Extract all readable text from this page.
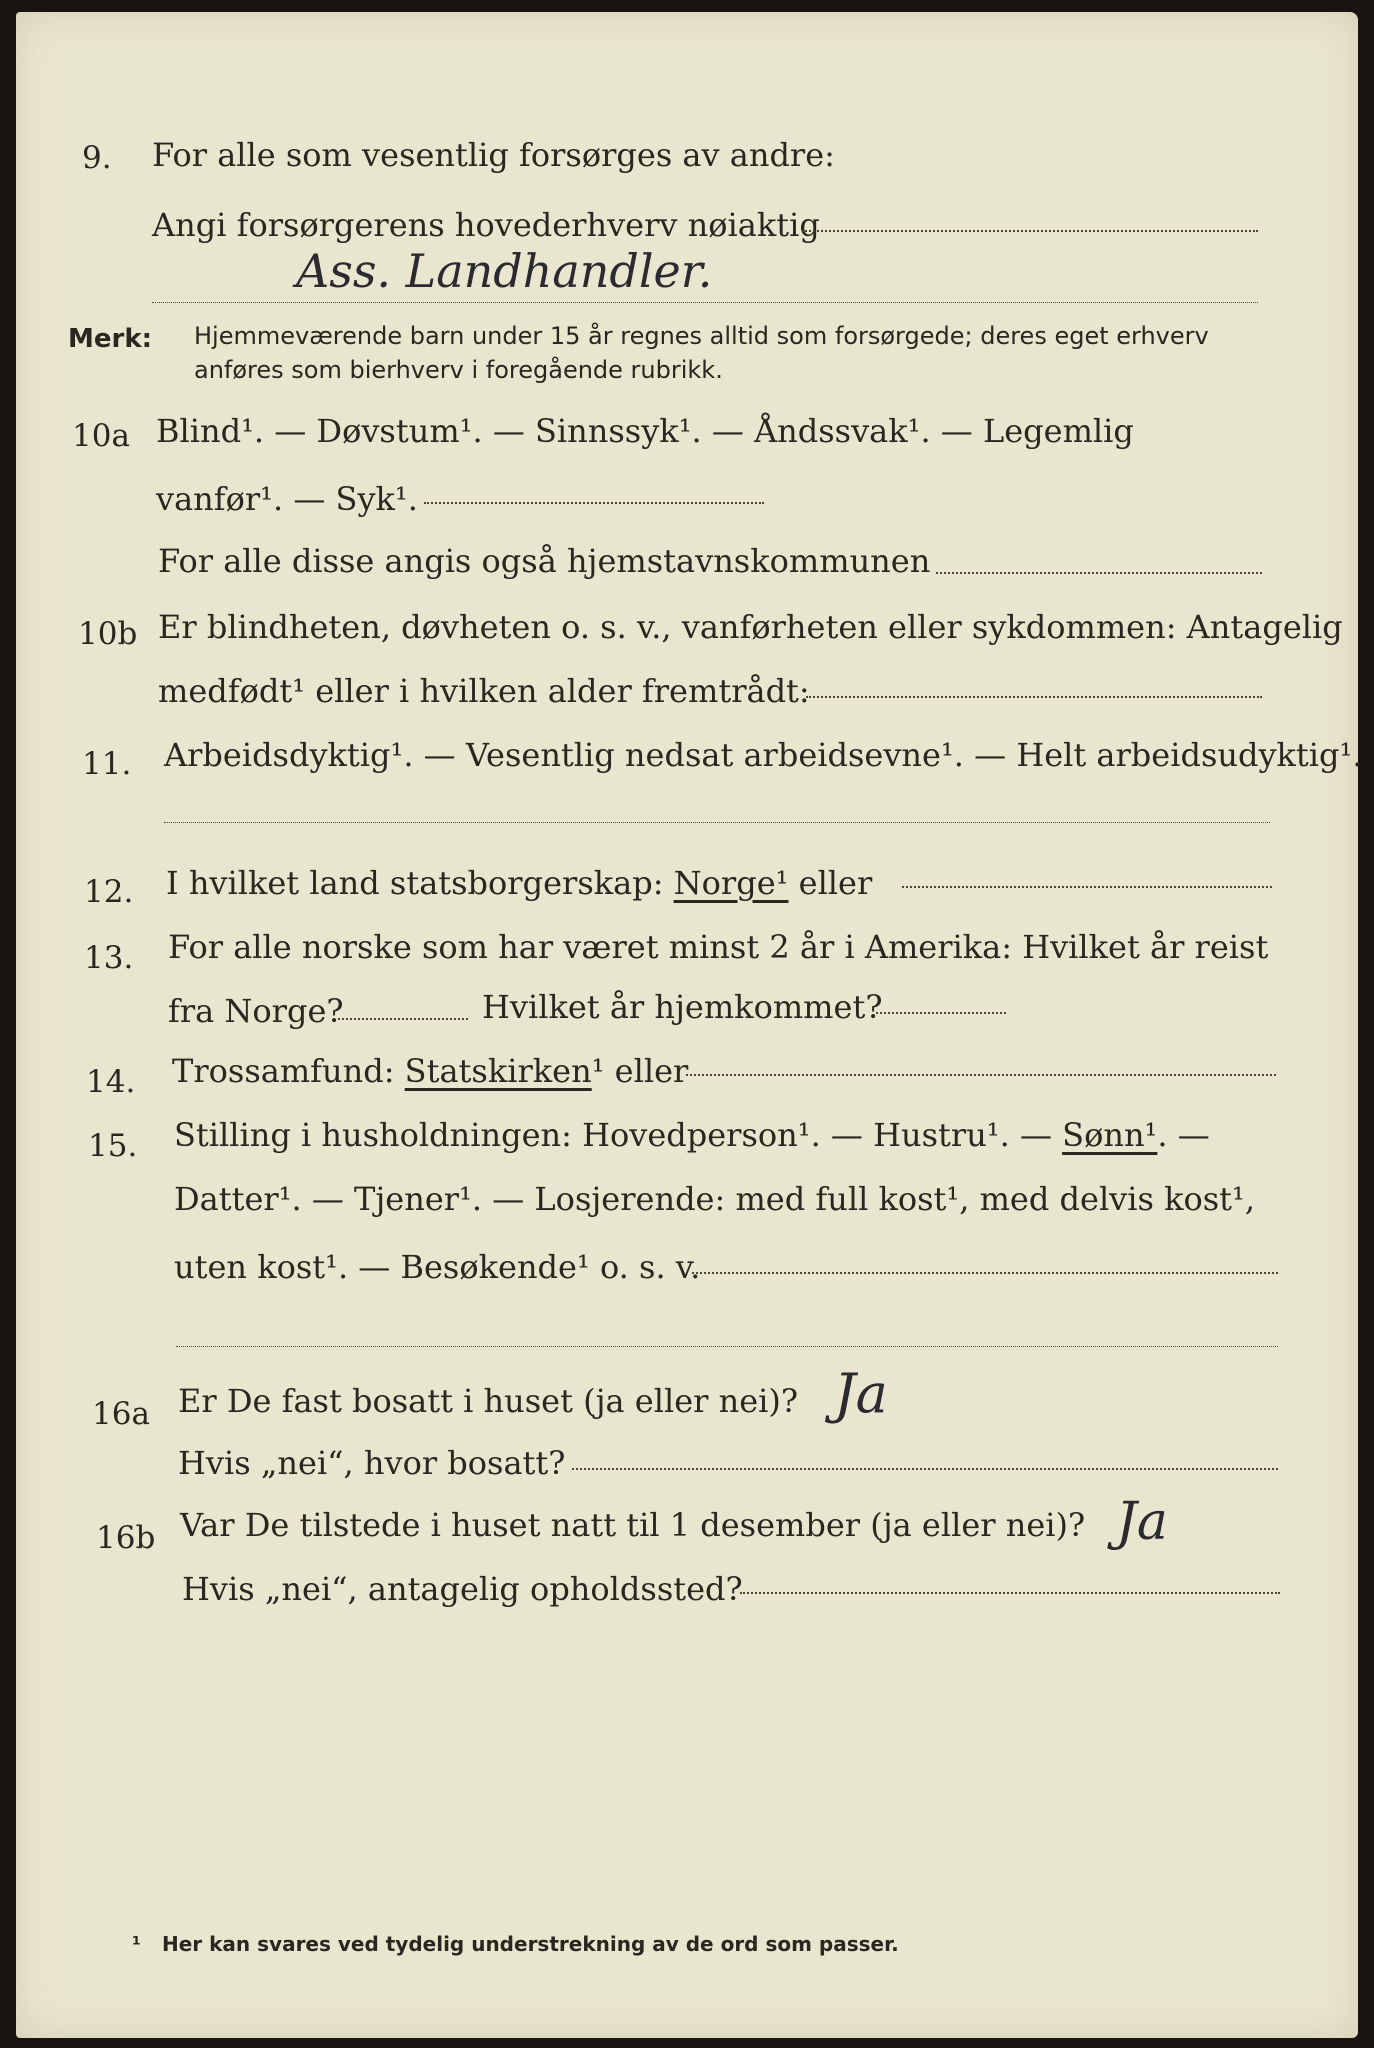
9. For alle som vesentlig forsørges av andre:
Angi forsørgerens hovederhverv nøiaktig
Ass. Landhandler.
Merk: Hjemmeværende barn under 15 år regnes alltid som forsørgede; deres eget erhverv
anføres som bierhverv i foregående rubrikk.
10a Blind¹. — Døvstum¹. — Sinnssyk¹. — Åndssvak¹. — Legemlig
vanfør¹. — Syk¹.
For alle disse angis også hjemstavnskommunen
10b Er blindheten, døvheten o. s. v., vanførheten eller sykdommen: Antagelig
medfødt¹ eller i hvilken alder fremtrådt:
11. Arbeidsdyktig¹. — Vesentlig nedsat arbeidsevne¹. — Helt arbeidsudyktig¹.
12. I hvilket land statsborgerskap: Norge¹ eller
13. For alle norske som har været minst 2 år i Amerika: Hvilket år reist
fra Norge?	Hvilket år hjemkommet?
14. Trossamfund: Statskirken¹ eller
15. Stilling i husholdningen: Hovedperson¹. — Hustru¹. — Sønn¹. —
Datter¹. — Tjener¹. — Losjerende: med full kost¹, med delvis kost¹,
uten kost¹. — Besøkende¹ o. s. v.
16a Er De fast bosatt i huset (ja eller nei)? Ja
Hvis „nei“, hvor bosatt?
16b Var De tilstede i huset natt til 1 desember (ja eller nei)? Ja
Hvis „nei“, antagelig opholdssted?
¹ Her kan svares ved tydelig understrekning av de ord som passer.
